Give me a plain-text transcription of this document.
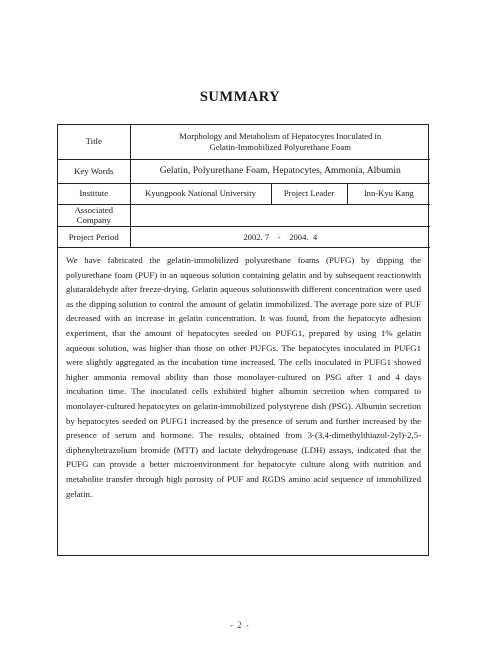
SUMMARY
Title	Morphology and Metabolism of Hepatocytes Inoculated in
Gelatin-Immobilized Polyurethane Foam		

Key Words	Gelatin, Polyurethane Foam, Hepatocytes, Ammonia, Albumin		
Institute	Kyungpook National University	Project Leader	Inn-Kyu Kang
Associated Company			
Project Period	2002. 7    -    2004.  4		

We have fabricated the gelatin-immobilized polyurethane foams (PUFG) by dipping the polyurethane foam (PUF) in an aqueous solution containing gelatin and by subsequent reactionwith glutaraldehyde after freeze-drying. Gelatin aqueous solutionswith different concentration were used as the dipping solution to control the amount of gelatin immobilized. The average pore size of PUF decreased with an increase in gelatin concentration. It was found, from the hepatocyte adhesion experiment, that the amount of hepatocytes seeded on PUFG1, prepared by using 1% gelatin aqueous solution, was higher than those on other PUFGs. The hepatocytes inoculated in PUFG1 were slightly aggregated as the incubation time increased. The cells inoculated in PUFG1 showed higher ammonia removal ability than those monolayer-cultured on PSG after 1 and 4 days incubation time. The inoculated cells exhibited higher albumin secretion when compared to monolayer-cultured hepatocytes on gelatin-immobilized polystyrene dish (PSG). Albumin secretion by hepatocytes seeded on PUFG1 increased by the presence of serum and further increased by the presence of serum and hormone. The results, obtained from 3-(3,4-dimethylthiazol-2yl)-2,5-diphenyltetrazolium bromide (MTT) and lactate dehydrogenase (LDH) assays, indicated that the PUFG can provide a better microenvironment for hepatocyte culture along with nutrition and metabolite transfer through high porosity of PUF and RGDS amino acid sequence of immobilized gelatin.

- 2 -
